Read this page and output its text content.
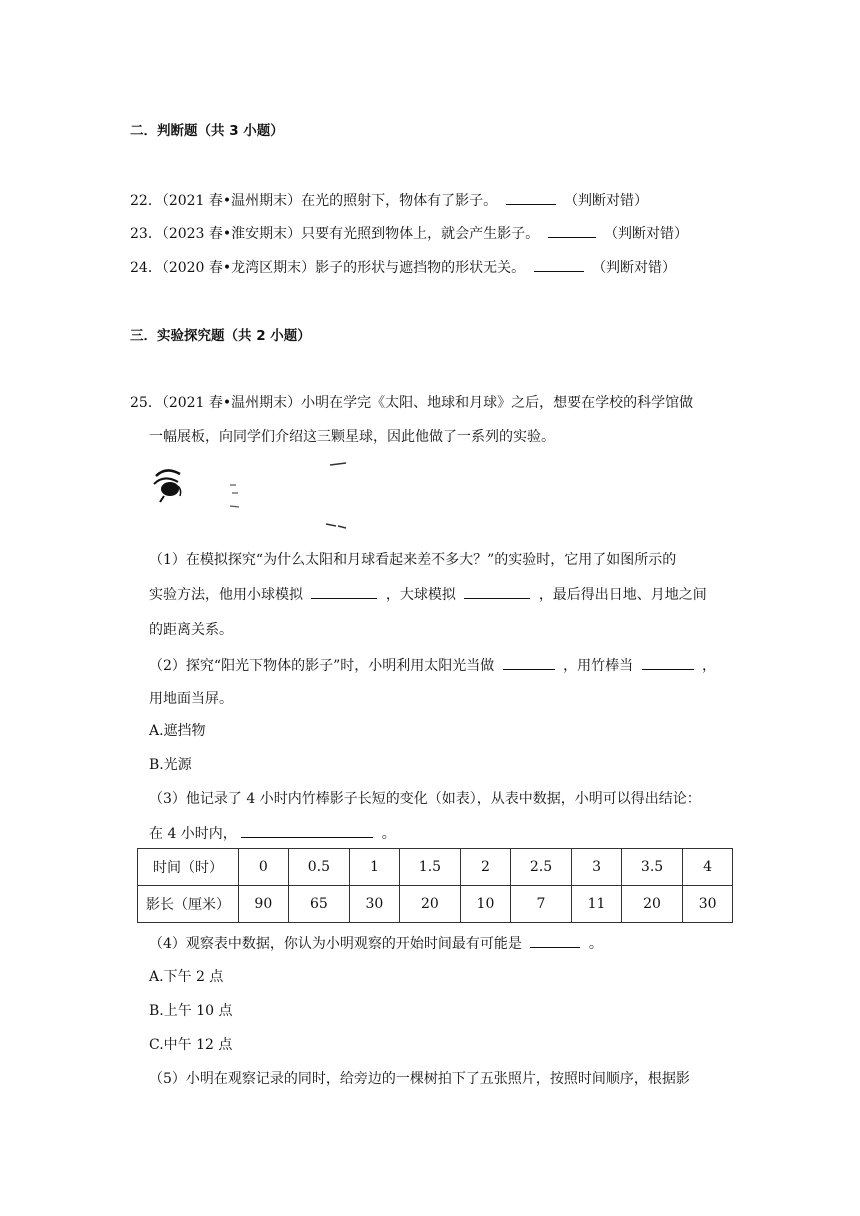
二．判断题（共 3 小题）
22．（2021 春•温州期末）在光的照射下，物体有了影子。	（判断对错）
23．（2023 春•淮安期末）只要有光照到物体上，就会产生影子。	（判断对错）
24．（2020 春•龙湾区期末）影子的形状与遮挡物的形状无关。	（判断对错）
三．实验探究题（共 2 小题）
25．（2021 春•温州期末）小明在学完《太阳、地球和月球》之后，想要在学校的科学馆做
一幅展板，向同学们介绍这三颗星球，因此他做了一系列的实验。
（1）在模拟探究“为什么太阳和月球看起来差不多大？”的实验时，它用了如图所示的
实验方法，他用小球模拟	，大球模拟	，最后得出日地、月地之间
的距离关系。
（2）探究“阳光下物体的影子”时，小明利用太阳光当做	，用竹棒当	，
用地面当屏。
A.遮挡物
B.光源
（3）他记录了 4 小时内竹棒影子长短的变化（如表），从表中数据，小明可以得出结论：
在 4 小时内，	。
时间（时）	0	0.5	1	1.5	2	2.5	3	3.5	4
影长（厘米）	90	65	30	20	10	7	11	20	30
（4）观察表中数据，你认为小明观察的开始时间最有可能是	。
A.下午 2 点
B.上午 10 点
C.中午 12 点
（5）小明在观察记录的同时，给旁边的一棵树拍下了五张照片，按照时间顺序，根据影
